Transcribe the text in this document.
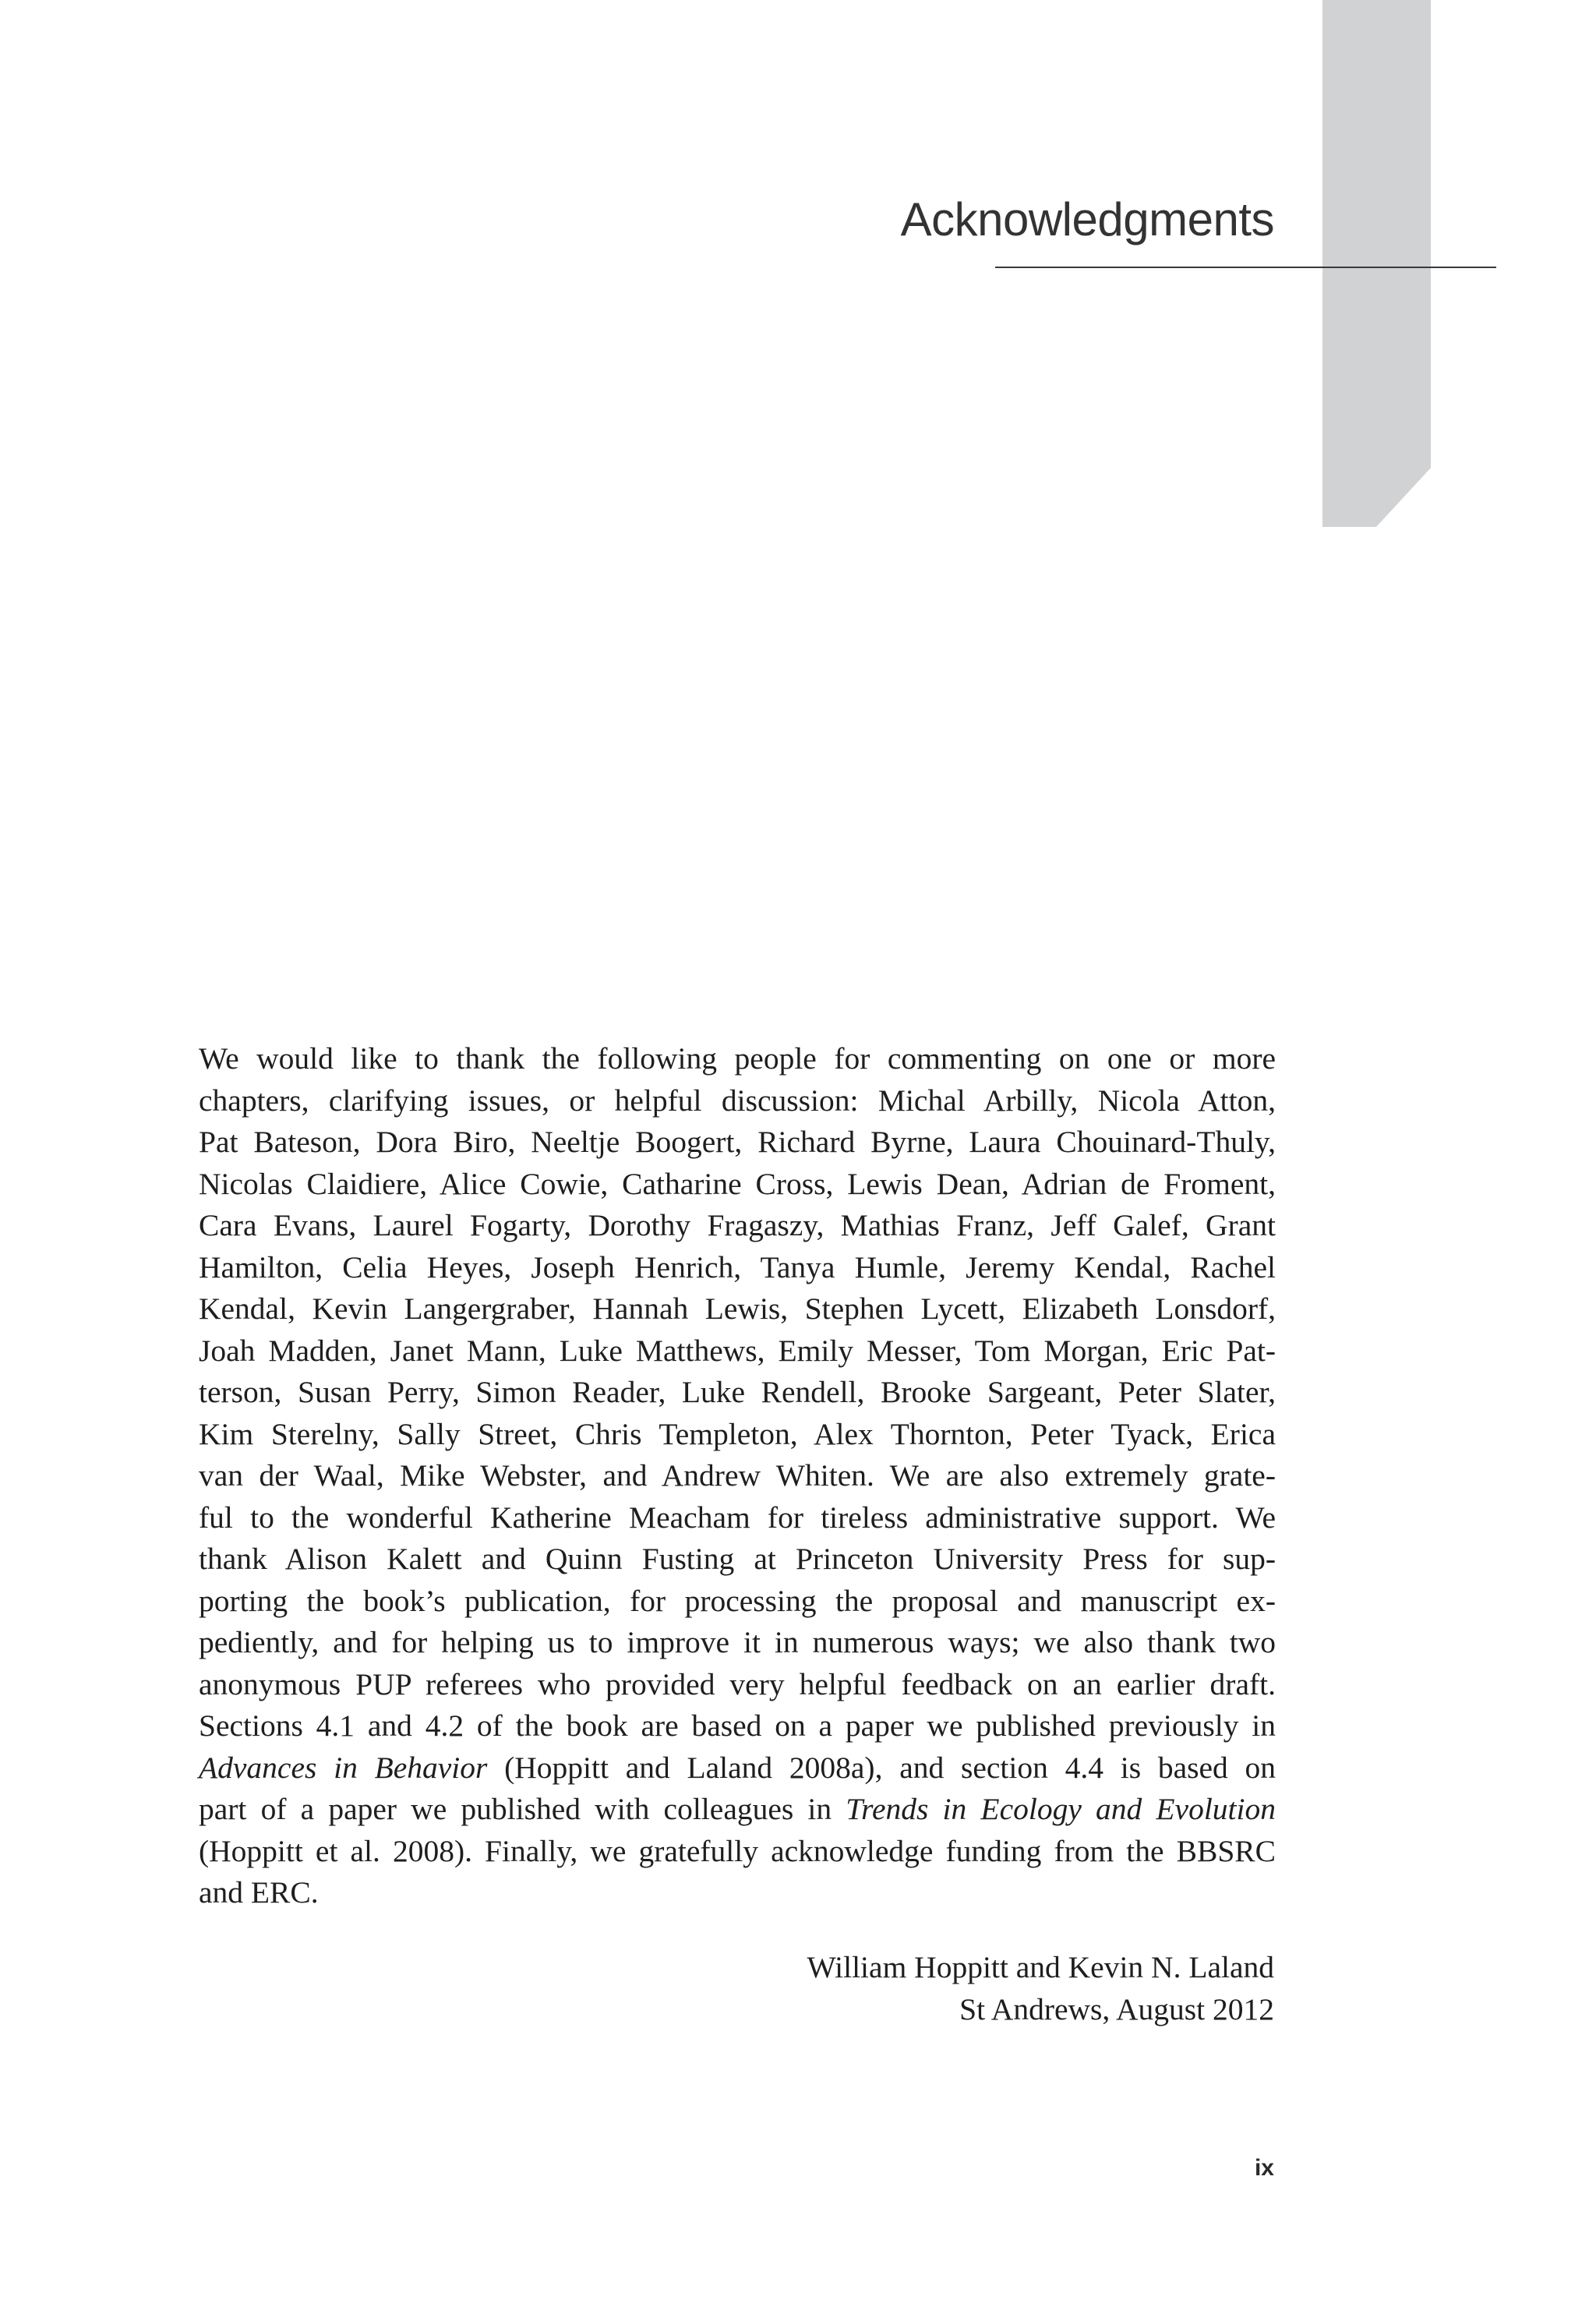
Acknowledgments
We would like to thank the following people for commenting on one or more
chapters, clarifying issues, or helpful discussion: Michal Arbilly, Nicola Atton,
Pat Bateson, Dora Biro, Neeltje Boogert, Richard Byrne, Laura Chouinard-Thuly,
Nicolas Claidiere, Alice Cowie, Catharine Cross, Lewis Dean, Adrian de Froment,
Cara Evans, Laurel Fogarty, Dorothy Fragaszy, Mathias Franz, Jeff Galef, Grant
Hamilton, Celia Heyes, Joseph Henrich, Tanya Humle, Jeremy Kendal, Rachel
Kendal, Kevin Langergraber, Hannah Lewis, Stephen Lycett, Elizabeth Lonsdorf,
Joah Madden, Janet Mann, Luke Matthews, Emily Messer, Tom Morgan, Eric Pat-
terson, Susan Perry, Simon Reader, Luke Rendell, Brooke Sargeant, Peter Slater,
Kim Sterelny, Sally Street, Chris Templeton, Alex Thornton, Peter Tyack, Erica
van der Waal, Mike Webster, and Andrew Whiten. We are also extremely grate-
ful to the wonderful Katherine Meacham for tireless administrative support. We
thank Alison Kalett and Quinn Fusting at Princeton University Press for sup-
porting the book’s publication, for processing the proposal and manuscript ex-
pediently, and for helping us to improve it in numerous ways; we also thank two
anonymous PUP referees who provided very helpful feedback on an earlier draft.
Sections 4.1 and 4.2 of the book are based on a paper we published previously in
Advances in Behavior (Hoppitt and Laland 2008a), and section 4.4 is based on
part of a paper we published with colleagues in Trends in Ecology and Evolution
(Hoppitt et al. 2008). Finally, we gratefully acknowledge funding from the BBSRC
and ERC.
William Hoppitt and Kevin N. Laland
St Andrews, August 2012
ix
